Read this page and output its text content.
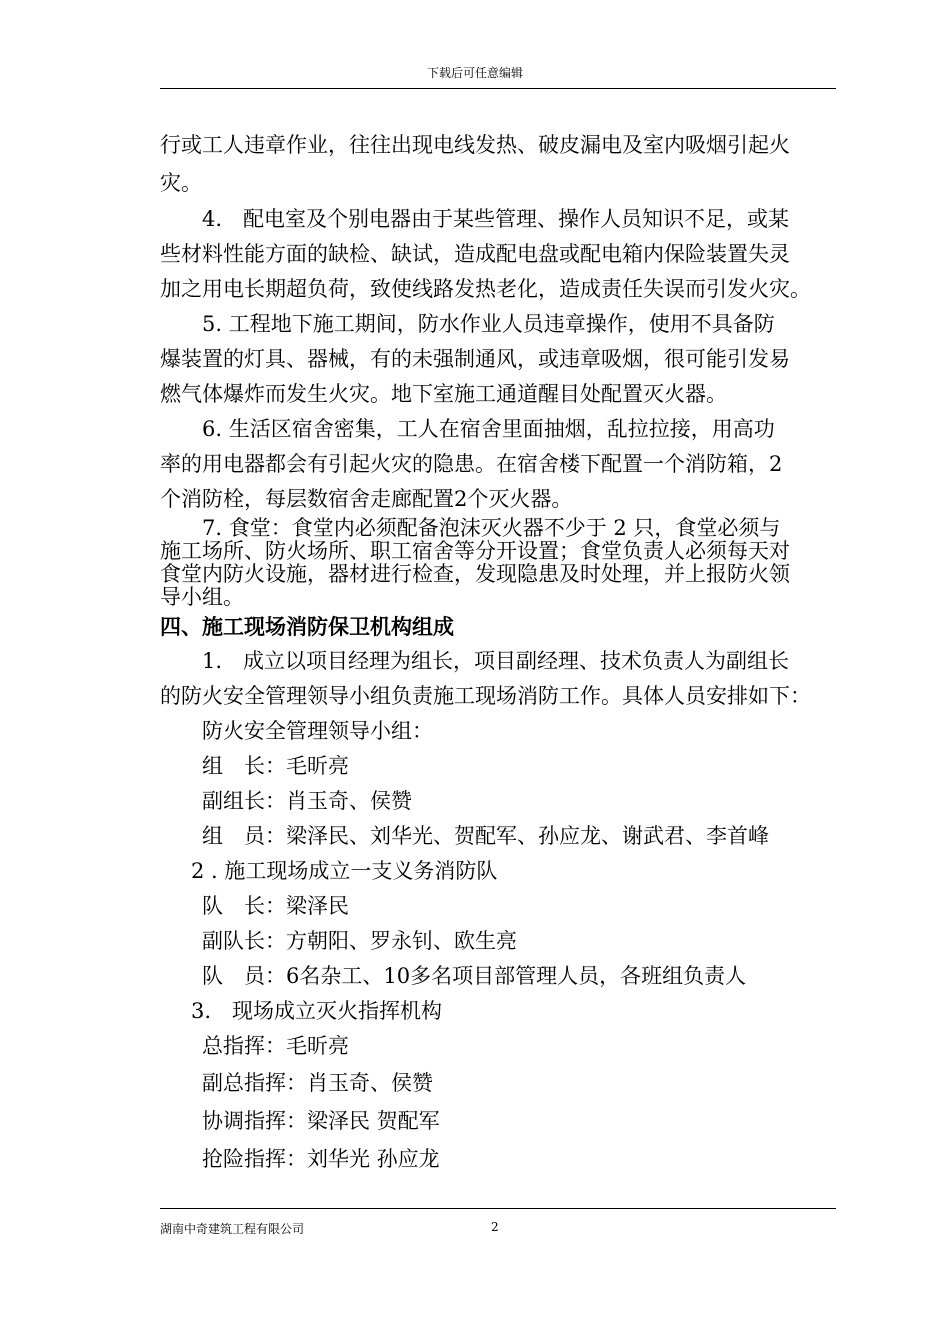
下载后可任意编辑
行或工人违章作业，往往出现电线发热、破皮漏电及室内吸烟引起火
灾。
4.　配电室及个别电器由于某些管理、操作人员知识不足，或某
些材料性能方面的缺检、缺试，造成配电盘或配电箱内保险装置失灵
加之用电长期超负荷，致使线路发热老化，造成责任失误而引发火灾。
5. 工程地下施工期间，防水作业人员违章操作，使用不具备防
爆装置的灯具、器械，有的未强制通风，或违章吸烟，很可能引发易
燃气体爆炸而发生火灾。地下室施工通道醒目处配置灭火器。
6. 生活区宿舍密集，工人在宿舍里面抽烟，乱拉拉接，用高功
率的用电器都会有引起火灾的隐患。在宿舍楼下配置一个消防箱，2
个消防栓，每层数宿舍走廊配置2个灭火器。
7. 食堂：食堂内必须配备泡沫灭火器不少于 2 只，食堂必须与
施工场所、防火场所、职工宿舍等分开设置；食堂负责人必须每天对
食堂内防火设施，器材进行检查，发现隐患及时处理，并上报防火领
导小组。
四、施工现场消防保卫机构组成
1.　成立以项目经理为组长，项目副经理、技术负责人为副组长
的防火安全管理领导小组负责施工现场消防工作。具体人员安排如下：
防火安全管理领导小组：
组　长：毛昕亮
副组长：肖玉奇、侯赞
组　员：梁泽民、刘华光、贺配军、孙应龙、谢武君、李首峰
2 . 施工现场成立一支义务消防队
队　长：梁泽民
副队长：方朝阳、罗永钊、欧生亮
队　员：6名杂工、10多名项目部管理人员，各班组负责人
3.　现场成立灭火指挥机构
总指挥：毛昕亮
副总指挥：肖玉奇、侯赞
协调指挥：梁泽民 贺配军
抢险指挥：刘华光 孙应龙
湖南中奇建筑工程有限公司	2
